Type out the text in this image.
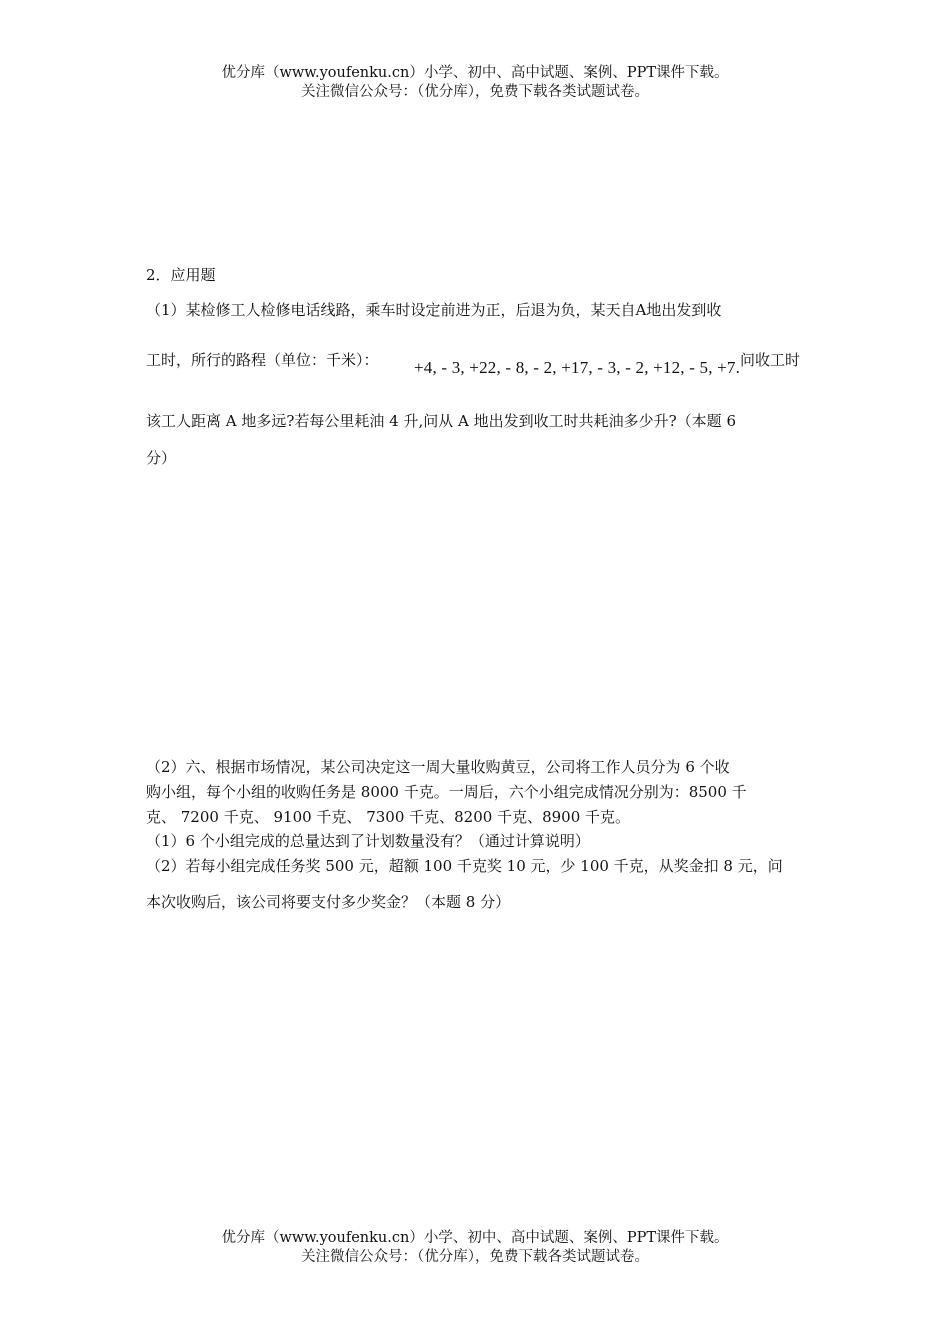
优分库（www.youfenku.cn）小学、初中、高中试题、案例、PPT课件下载。
关注微信公众号：（优分库），免费下载各类试题试卷。
2．应用题
（1）某检修工人检修电话线路，乘车时设定前进为正，后退为负，某天自A地出发到收
工时，所行的路程（单位：千米）： +4, - 3, +22, - 8, - 2, +17, - 3, - 2, +12, - 5, +7. 问收工时
该工人距离 A 地多远?若每公里耗油 4 升,问从 A 地出发到收工时共耗油多少升?（本题 6
分）
（2）六、根据市场情况，某公司决定这一周大量收购黄豆，公司将工作人员分为 6 个收
购小组，每个小组的收购任务是 8000 千克。一周后，六个小组完成情况分别为：8500 千
克、 7200 千克、 9100 千克、 7300 千克、8200 千克、8900 千克。
（1）6 个小组完成的总量达到了计划数量没有？（通过计算说明）
（2）若每小组完成任务奖 500 元，超额 100 千克奖 10 元，少 100 千克，从奖金扣 8 元，问
本次收购后，该公司将要支付多少奖金？（本题 8 分）
优分库（www.youfenku.cn）小学、初中、高中试题、案例、PPT课件下载。
关注微信公众号：（优分库），免费下载各类试题试卷。
